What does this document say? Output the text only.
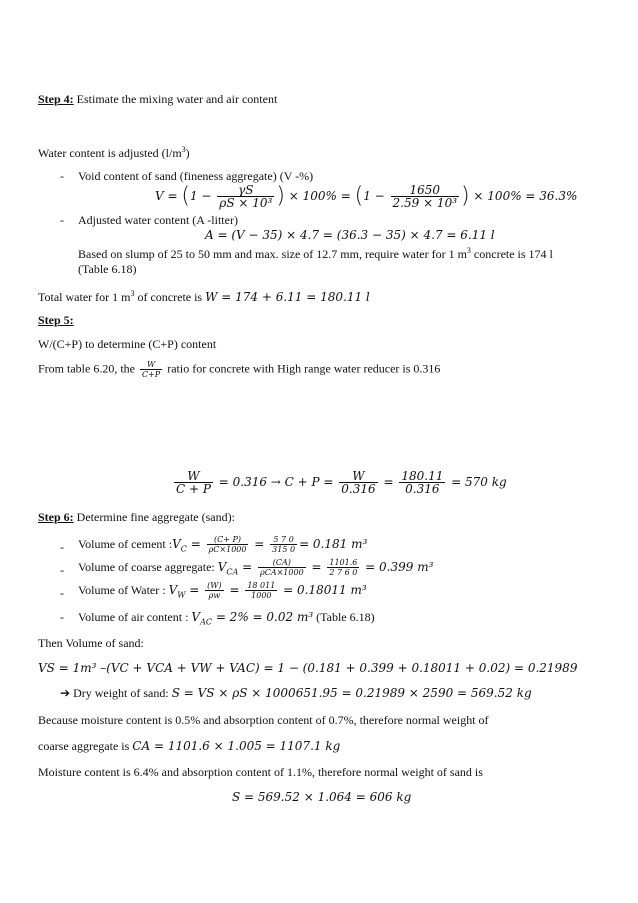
Step 4: Estimate the mixing water and air content
Water content is adjusted $(l/m^3)$
- Void content of sand (fineness aggregate) (V -%)
$V = (1 - \frac{\gamma S}{\text{ρS × 10³}}$ ) × $100\% = (1 - \frac{1650}{\text{2.59 × 10³}}$ ) × 100% = 36.3%
- Adjusted water content (A -litter)
A = (V − 35) × 4.7 = (36.3 − 35) × 4.7 = 6.11 l
Based on slump of 25 to 50 mm and max. size of 12.7 mm, require water for 1 $m^3$ concrete is 174 l
(Table 6.18)
Total water for 1 $m^3$ of concrete is W = 174 + 6.11 = 180.11 l
Step 5:
W/(C+P) to determine (C+P) content
From table 6.20, the $\frac{W}{C+P}$ ratio for concrete with High range water reducer is 0.316
$\frac{W}{C + P} = 0.316 \to C + P = \frac{W}{0.316} = \frac{180.11}{0.316} = 570$ kg
Step 6: Determine fine aggregate (sand):
- Volume of cement $:V_C = \frac{(C+ P)}{\rho C\times 1000} = \frac{5 7 0}{315 0} = 0.181$ m³
- Volume of coarse aggregate: $V_{CA} = \frac{(CA)}{\text{ρCA×1000}} = \frac{1101.6}{2 7 6 0} = 0.399$ m³
- Volume of Water : $V_W = \frac{(W)}{\rho w} = \frac{18 011}{1000} = 0.18011$ m³
- Volume of air content : $V_{AC} = 2\% = 0.02$ m³ (Table 6.18)
Then Volume of sand:
VS = 1m³ –(VC + VCA + VW + VAC) = 1 − (0.181 + 0.399 + 0.18011 + 0.02) = 0.21989
➔ Dry weight of sand: S = VS × ρS × 1000651.95 = 0.21989 × 2590 = 569.52 kg
Because moisture content is 0.5% and absorption content of 0.7%, therefore normal weight of
coarse aggregate is CA = 1101.6 × 1.005 = 1107.1 kg
Moisture content is 6.4% and absorption content of 1.1%, therefore normal weight of sand is
S = 569.52 × 1.064 = 606 kg
